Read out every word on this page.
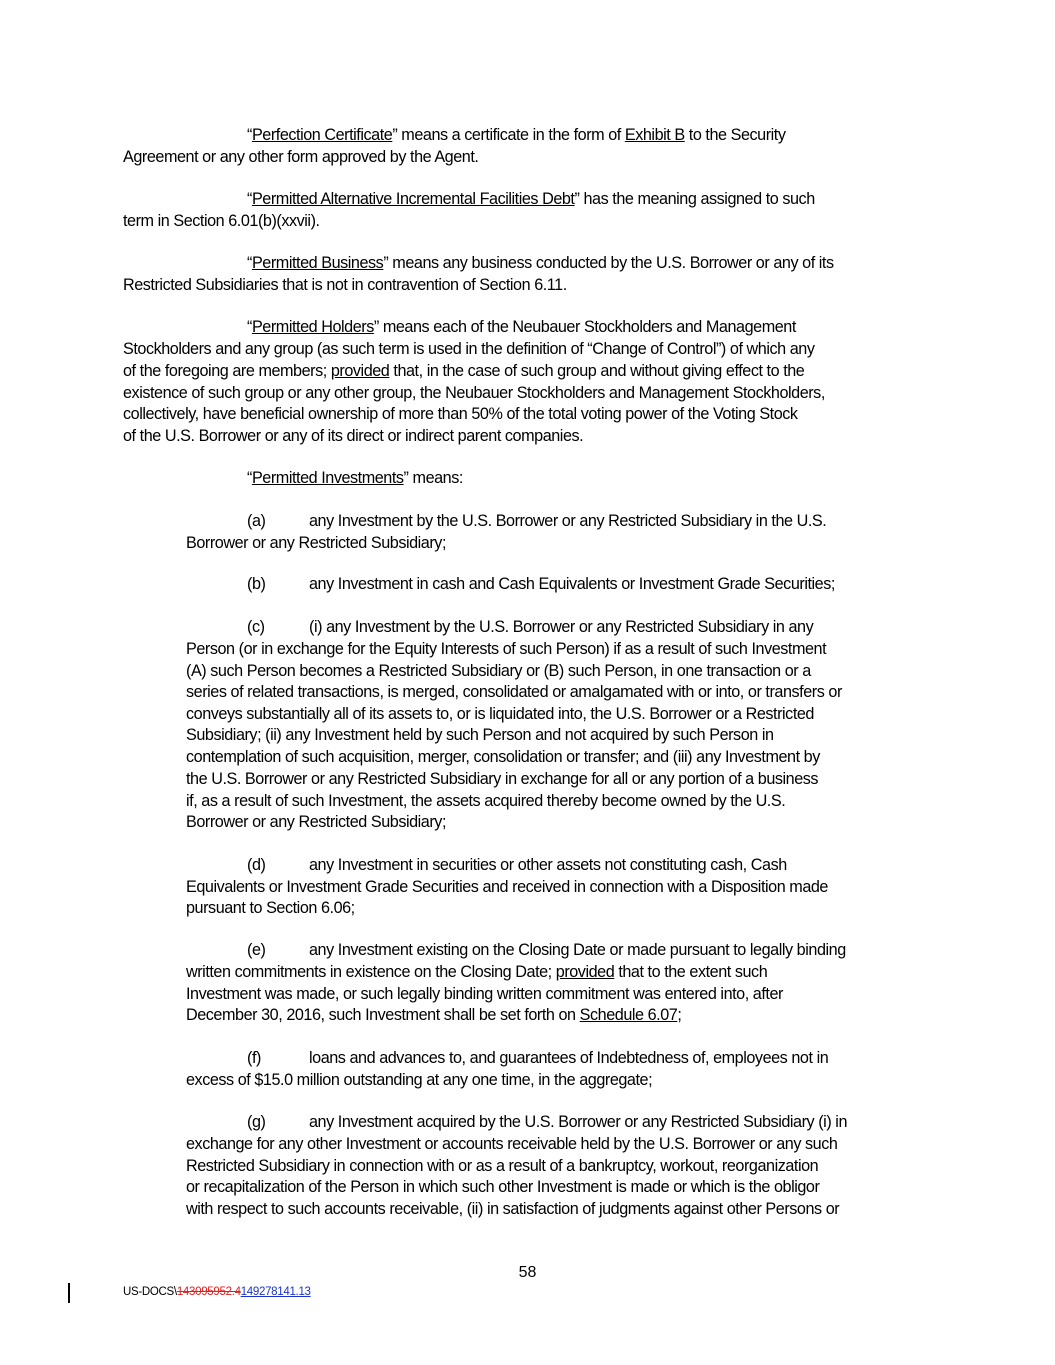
“Perfection Certificate” means a certificate in the form of Exhibit B to the Security
Agreement or any other form approved by the Agent.
“Permitted Alternative Incremental Facilities Debt” has the meaning assigned to such
term in Section 6.01(b)(xxvii).
“Permitted Business” means any business conducted by the U.S. Borrower or any of its
Restricted Subsidiaries that is not in contravention of Section 6.11.
“Permitted Holders” means each of the Neubauer Stockholders and Management
Stockholders and any group (as such term is used in the definition of “Change of Control”) of which any
of the foregoing are members; provided that, in the case of such group and without giving effect to the
existence of such group or any other group, the Neubauer Stockholders and Management Stockholders,
collectively, have beneficial ownership of more than 50% of the total voting power of the Voting Stock
of the U.S. Borrower or any of its direct or indirect parent companies.
“Permitted Investments” means:
(a)	any Investment by the U.S. Borrower or any Restricted Subsidiary in the U.S.
Borrower or any Restricted Subsidiary;
(b)	any Investment in cash and Cash Equivalents or Investment Grade Securities;
(c)	(i) any Investment by the U.S. Borrower or any Restricted Subsidiary in any
Person (or in exchange for the Equity Interests of such Person) if as a result of such Investment
(A) such Person becomes a Restricted Subsidiary or (B) such Person, in one transaction or a
series of related transactions, is merged, consolidated or amalgamated with or into, or transfers or
conveys substantially all of its assets to, or is liquidated into, the U.S. Borrower or a Restricted
Subsidiary; (ii) any Investment held by such Person and not acquired by such Person in
contemplation of such acquisition, merger, consolidation or transfer; and (iii) any Investment by
the U.S. Borrower or any Restricted Subsidiary in exchange for all or any portion of a business
if, as a result of such Investment, the assets acquired thereby become owned by the U.S.
Borrower or any Restricted Subsidiary;
(d)	any Investment in securities or other assets not constituting cash, Cash
Equivalents or Investment Grade Securities and received in connection with a Disposition made
pursuant to Section 6.06;
(e)	any Investment existing on the Closing Date or made pursuant to legally binding
written commitments in existence on the Closing Date; provided that to the extent such
Investment was made, or such legally binding written commitment was entered into, after
December 30, 2016, such Investment shall be set forth on Schedule 6.07;
(f)	loans and advances to, and guarantees of Indebtedness of, employees not in
excess of $15.0 million outstanding at any one time, in the aggregate;
(g)	any Investment acquired by the U.S. Borrower or any Restricted Subsidiary (i) in
exchange for any other Investment or accounts receivable held by the U.S. Borrower or any such
Restricted Subsidiary in connection with or as a result of a bankruptcy, workout, reorganization
or recapitalization of the Person in which such other Investment is made or which is the obligor
with respect to such accounts receivable, (ii) in satisfaction of judgments against other Persons or
58
US-DOCS\143095952.4149278141.13
